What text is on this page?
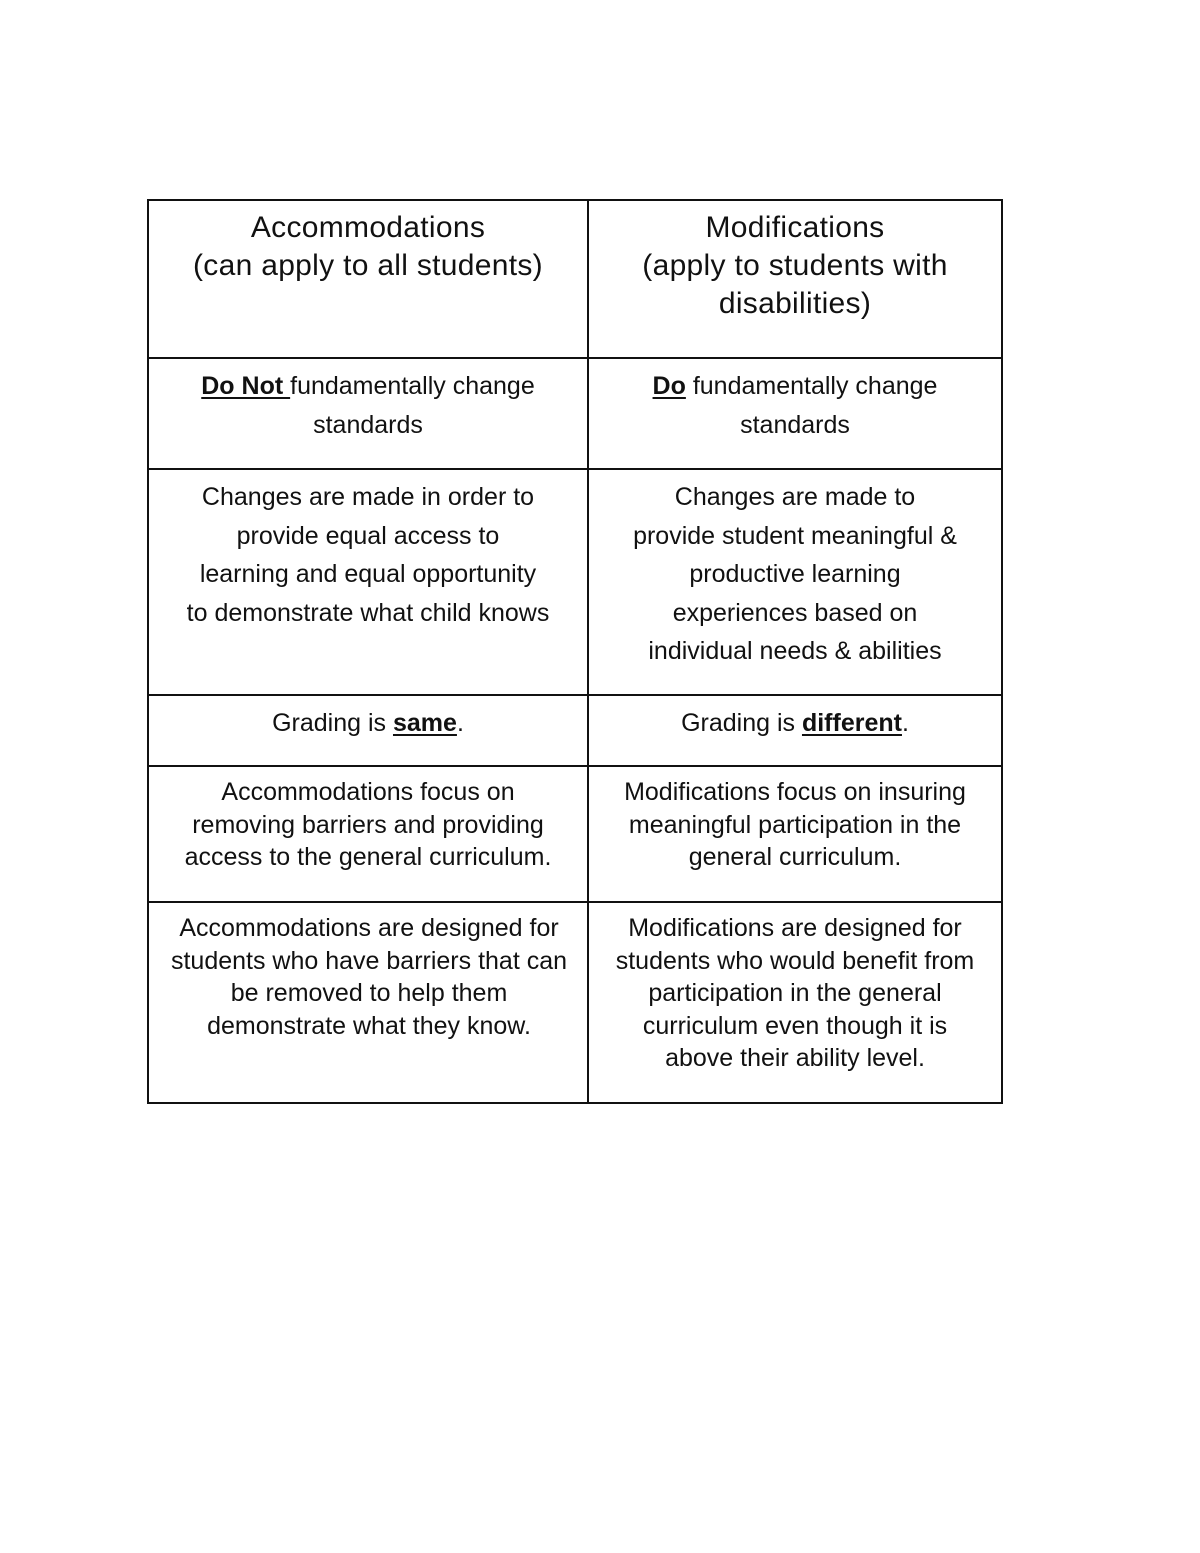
Accommodations
(can apply to all students)	Modifications
(apply to students with
disabilities)

Do Not fundamentally change
standards	Do fundamentally change
standards

Changes are made in order to
provide equal access to
learning and equal opportunity
to demonstrate what child knows	Changes are made to
provide student meaningful &
productive learning
experiences based on
individual needs & abilities

Grading is same.	Grading is different.

Accommodations focus on
removing barriers and providing
access to the general curriculum.	Modifications focus on insuring
meaningful participation in the
general curriculum.

Accommodations are designed for
students who have barriers that can
be removed to help them
demonstrate what they know.	Modifications are designed for
students who would benefit from
participation in the general
curriculum even though it is
above their ability level.
